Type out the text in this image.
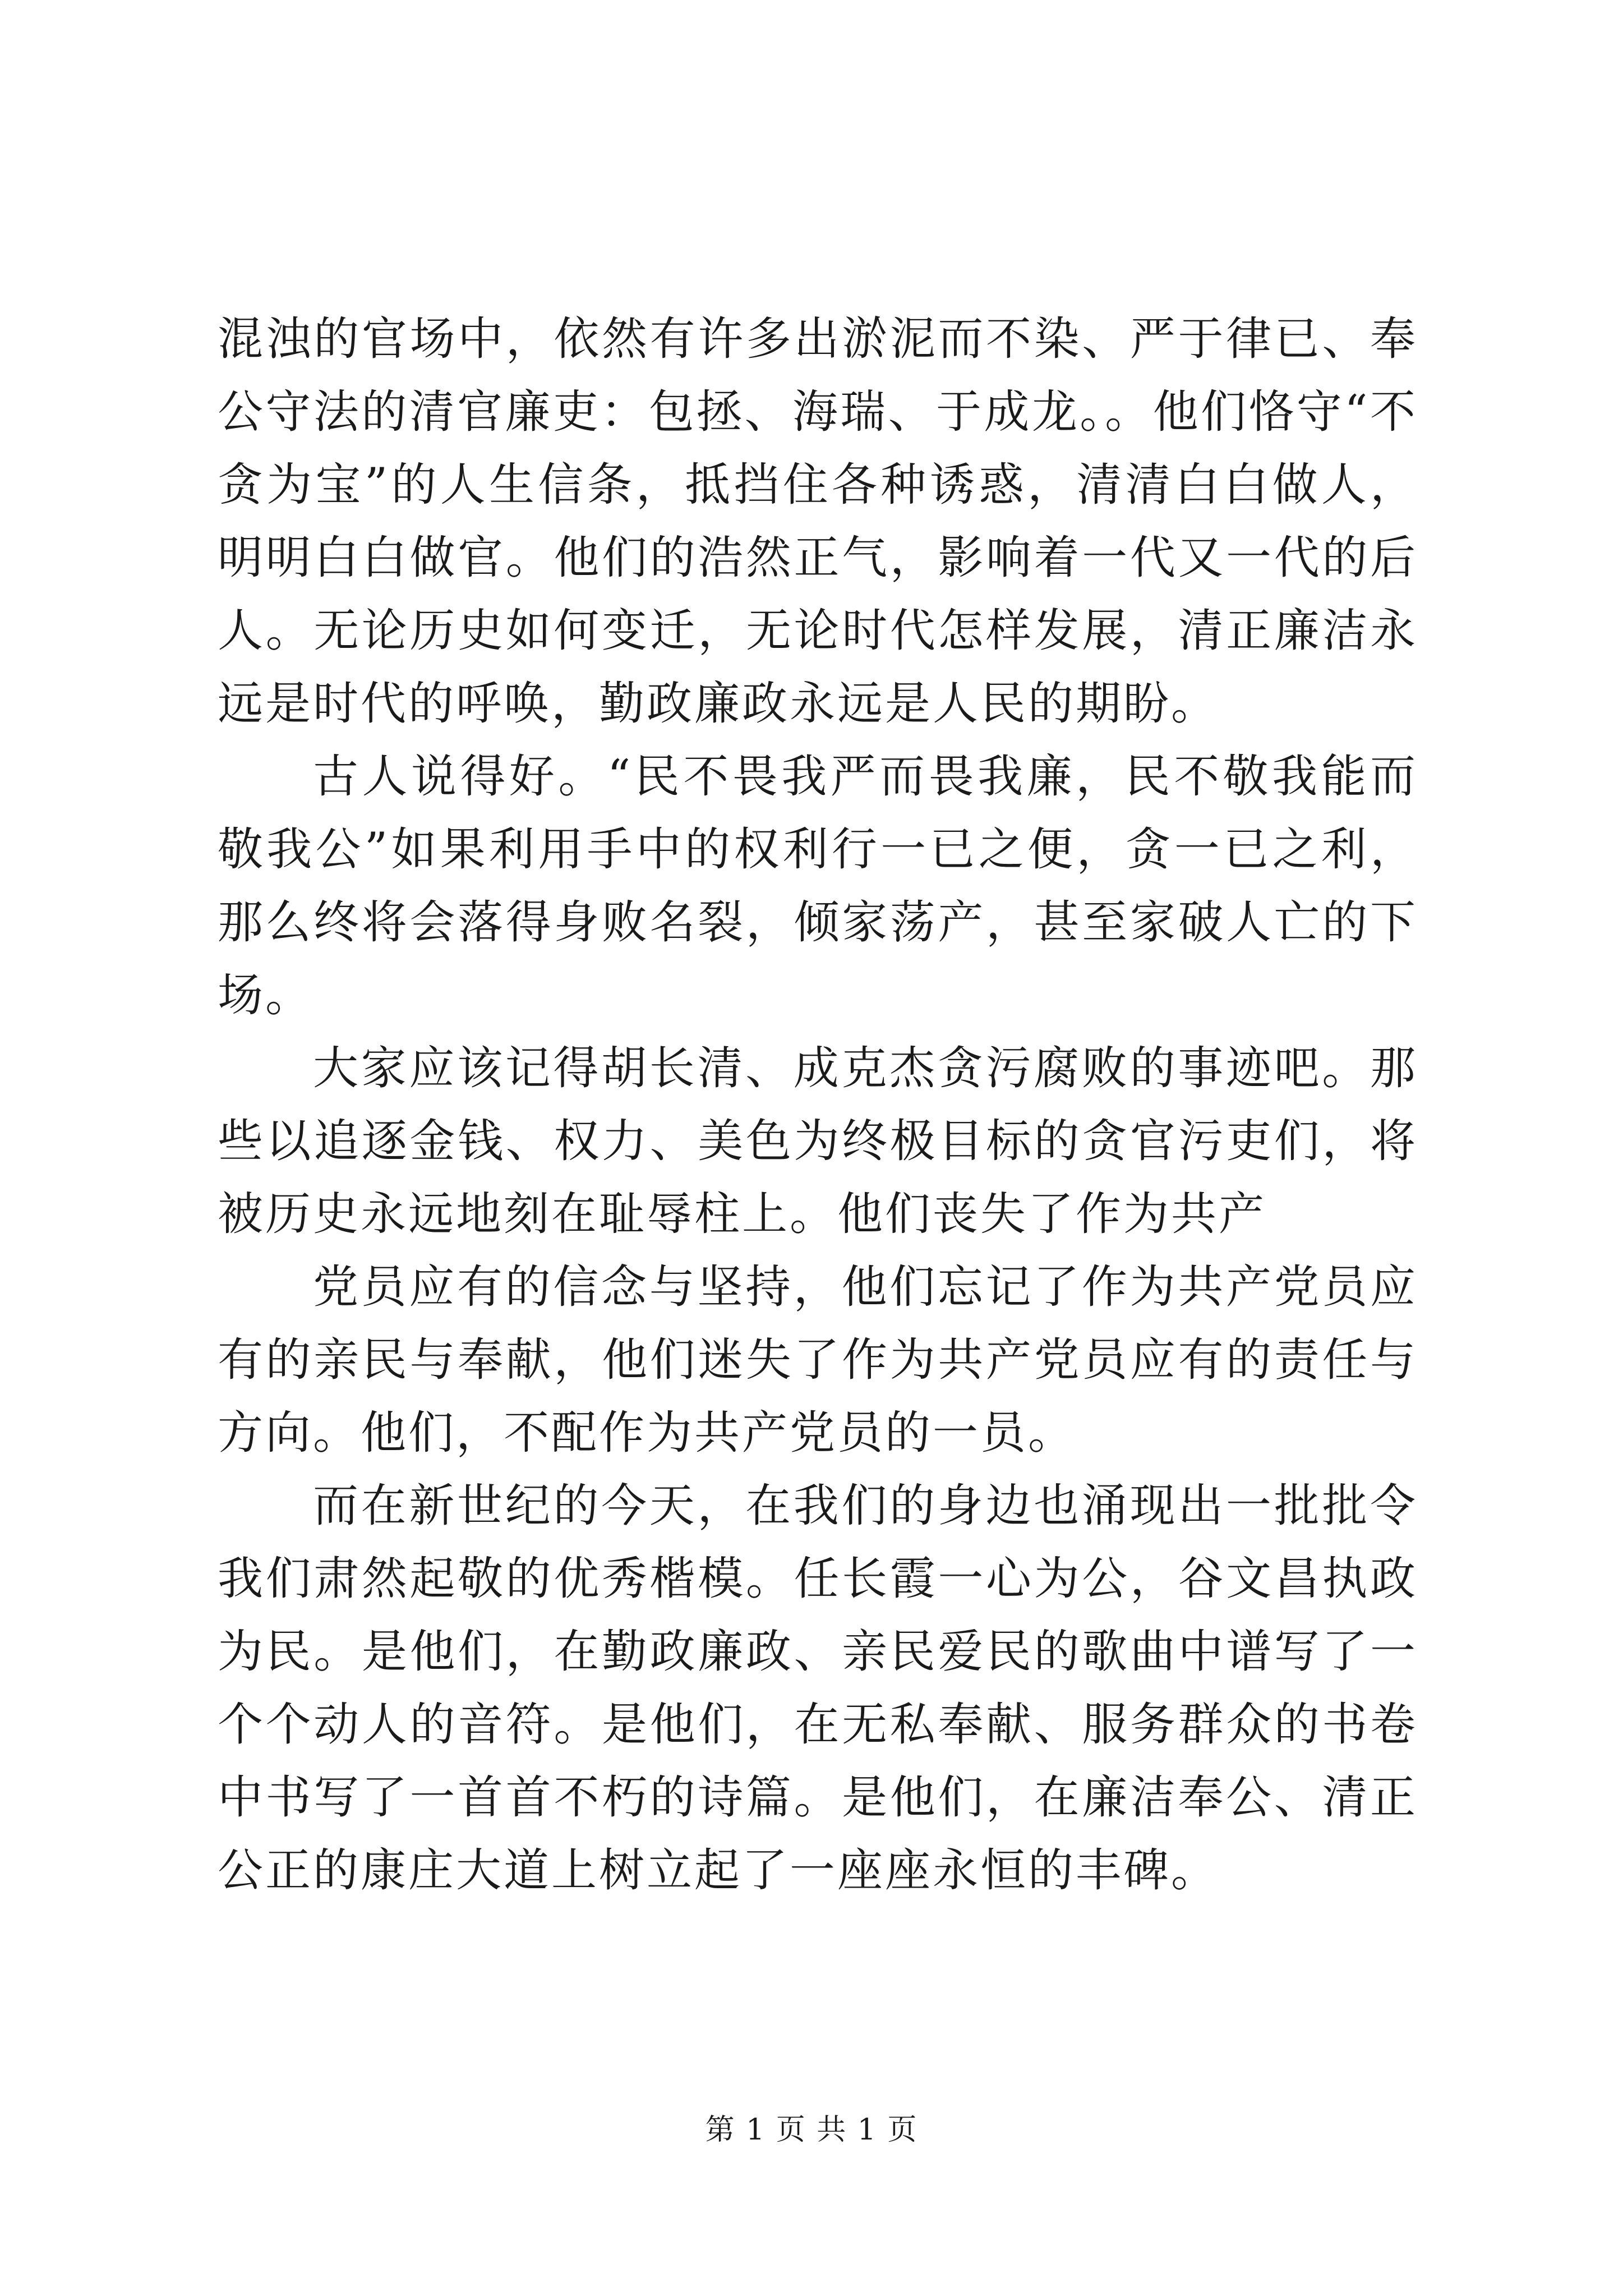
混浊的官场中，依然有许多出淤泥而不染、严于律已、奉公守法的清官廉吏：包拯、海瑞、于成龙。。他们恪守“不贪为宝”的人生信条，抵挡住各种诱惑，清清白白做人，明明白白做官。他们的浩然正气，影响着一代又一代的后人。无论历史如何变迁，无论时代怎样发展，清正廉洁永远是时代的呼唤，勤政廉政永远是人民的期盼。

古人说得好。“民不畏我严而畏我廉，民不敬我能而敬我公”如果利用手中的权利行一已之便，贪一已之利，那么终将会落得身败名裂，倾家荡产，甚至家破人亡的下场。

大家应该记得胡长清、成克杰贪污腐败的事迹吧。那些以追逐金钱、权力、美色为终极目标的贪官污吏们，将被历史永远地刻在耻辱柱上。他们丧失了作为共产

党员应有的信念与坚持，他们忘记了作为共产党员应有的亲民与奉献，他们迷失了作为共产党员应有的责任与方向。他们，不配作为共产党员的一员。

而在新世纪的今天，在我们的身边也涌现出一批批令我们肃然起敬的优秀楷模。任长霞一心为公，谷文昌执政为民。是他们，在勤政廉政、亲民爱民的歌曲中谱写了一个个动人的音符。是他们，在无私奉献、服务群众的书卷中书写了一首首不朽的诗篇。是他们，在廉洁奉公、清正公正的康庄大道上树立起了一座座永恒的丰碑。

第 1 页 共 1 页
